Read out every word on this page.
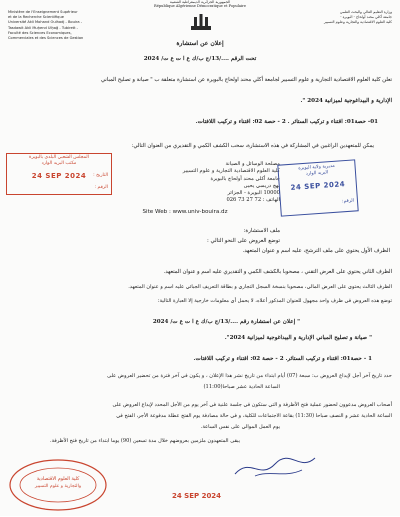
الجمهورية الجزائرية الديمقراطية الشعبية
République Algérienne Démocratique et Populaire
Ministère de l'Enseignement Supérieur
et de la Recherche Scientifique
Université Akli Mohand Oulhadj - Bouira -
Tasdawit Akli Muḥend Ulḥağ - Tubirett -
Faculté des Sciences Economiques,
Commerciales et des Sciences de Gestion
وزارة التعليم العالي والبحث العلمي
جامعة أكلي محند أولحاج - البويرة -
كلية العلوم الاقتصادية والتجارية وعلوم التسيير
إعلان عن استشارة
تحت الرقم ..../13/ج ب/ك ع ا ت ع ت/ 2024
تعلن كلية العلوم الاقتصادية التجارية و علوم التسيير لجامعة أكلي محند اولحاج بالبويرة عن استشارة متعلقة ب " صيانة و تصليح المباني
الإدارية و البيداغوجية لميزانية 2024 ".
01- حصة01: اقتناء و تركيب الستائر . 2 - حصة 02: اقتناء و تركيب اللافتات.
يمكن للمتعهدين الراغبين في المشاركة في هذه الاستشارة، سحب الكشف الكمي و التقديري من العنوان التالي:
مصلحة الوسائل و الصيانة
كلية العلوم الاقتصادية التجارية و علوم التسيير
جامعة أكلي محند أولحاج بالبويرة
نهج دريسي يحيى
10000 البويرة - الجزائر
الهاتف : 72 27 73 026
Site Web : www.univ-bouira.dz
المجلس الشعبي البلدي بالبويرة
مكتب البريد الوارد
24 SEP 2024	التاريخ :
الرقم :
مديرية ولاية البويرة
البريد الوارد
24 SEP 2024
الرقم:
ملف الاستشارة:
توضع العروض على النحو التالي :
الظرف الأول يحتوي على ملف الترشح، عليه اسم و عنوان المتعهد.
الظرف الثاني يحتوي على العرض التقني ، مصحوبا بالكشف الكمي و التقديري عليه اسم و عنوان المتعهد.
الظرف الثالث يحتوي على العرض المالي، مصحوبا بنسخة السجل التجاري و بطاقة التعريف الجبائي عليه اسم و عنوان المتعهد.
توضع هذه العروض في ظرف واحد مجهول للعنوان المذكور أعلاه، لا يحمل أي معلومات خارجية إلا العبارة التالية:
" إعلان عن استشارة رقم ..../13/ج ب/ك ع ا ت ع ت/ 2024
" صيانة و تصليح المباني الإدارية و البيداغوجية لميزانية 2024".
1 - حصة01: اقتناء و تركيب الستائر. 2 - حصة 02: اقتناء و تركيب اللافتات.
حدد تاريخ آخر أجل لإيداع العروض ب: سبعة (07) أيام ابتداء من تاريخ نشر هذا الإعلان ، و يكون في آخر فترة من تحضير العروض على
الساعة الحادية عشر صباحا(11:00)
أصحاب العروض مدعوون لحضور عملية فتح الأظرفة و التي ستكون في جلسة علنية في آخر يوم من الأجل المحدد لإيداع العروض على
الساعة الحادية عشر و النصف صباحا (11:30) بقاعة الاجتماعات للكلية، و في حالة مصادفة يوم الفتح عطلة مدفوعة الأجر، الفتح في
يوم العمل الموالي على نفس الساعة.
يبقى المتعهدون ملزمين بعروضهم خلال مدة تسعين (90) يوما ابتداء من تاريخ فتح الأظرفة.
كلية العلوم الاقتصادية
والتجارية و علوم التسيير
24 SEP 2024
